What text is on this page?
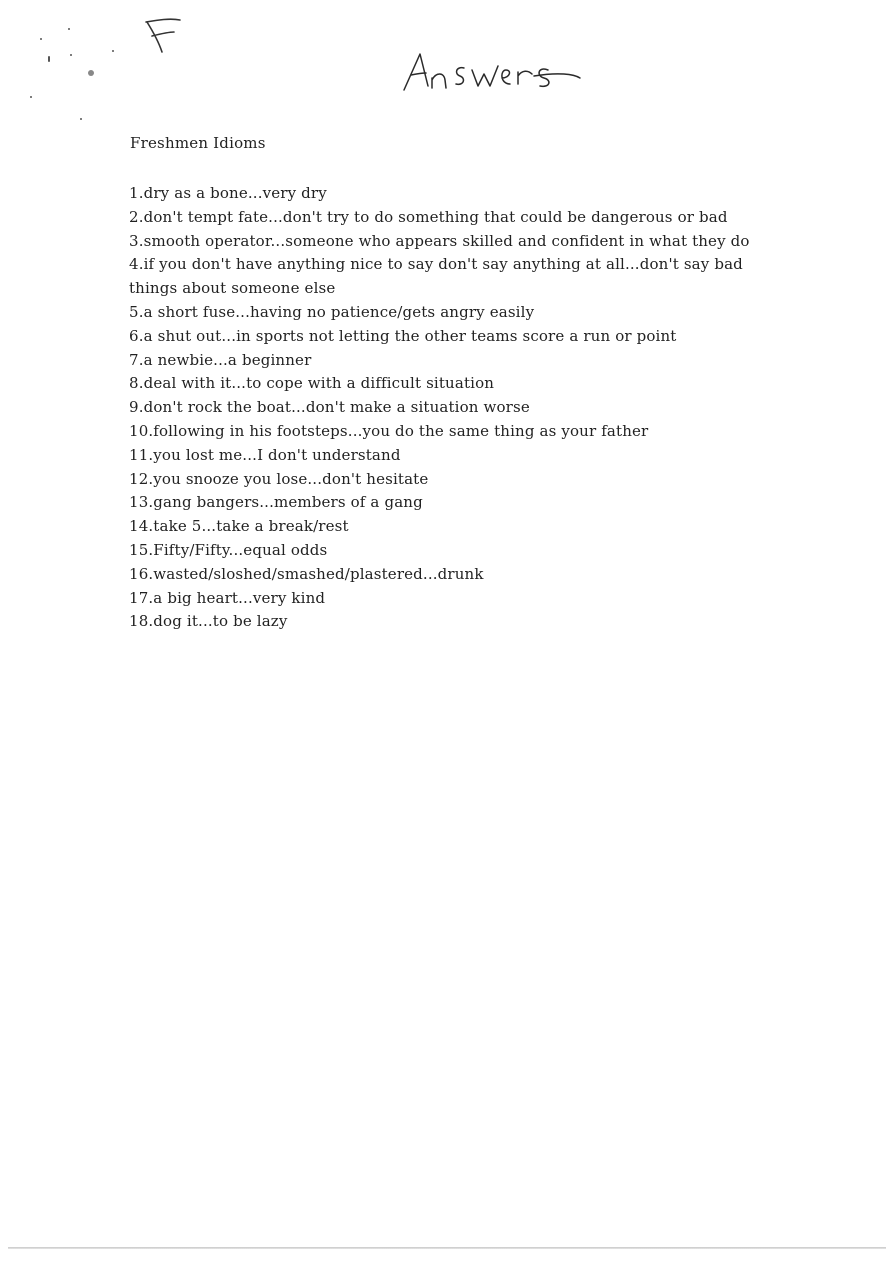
Freshmen Idioms
1.dry as a bone...very dry
2.don't tempt fate...don't try to do something that could be dangerous or bad
3.smooth operator...someone who appears skilled and confident in what they do
4.if you don't have anything nice to say don't say anything at all...don't say bad things about someone else
5.a short fuse...having no patience/gets angry easily
6.a shut out...in sports not letting the other teams score a run or point
7.a newbie...a beginner
8.deal with it...to cope with a difficult situation
9.don't rock the boat...don't make a situation worse
10.following in his footsteps...you do the same thing as your father
11.you lost me...I don't understand
12.you snooze you lose...don't hesitate
13.gang bangers...members of a gang
14.take 5...take a break/rest
15.Fifty/Fifty...equal odds
16.wasted/sloshed/smashed/plastered...drunk
17.a big heart...very kind
18.dog it...to be lazy
